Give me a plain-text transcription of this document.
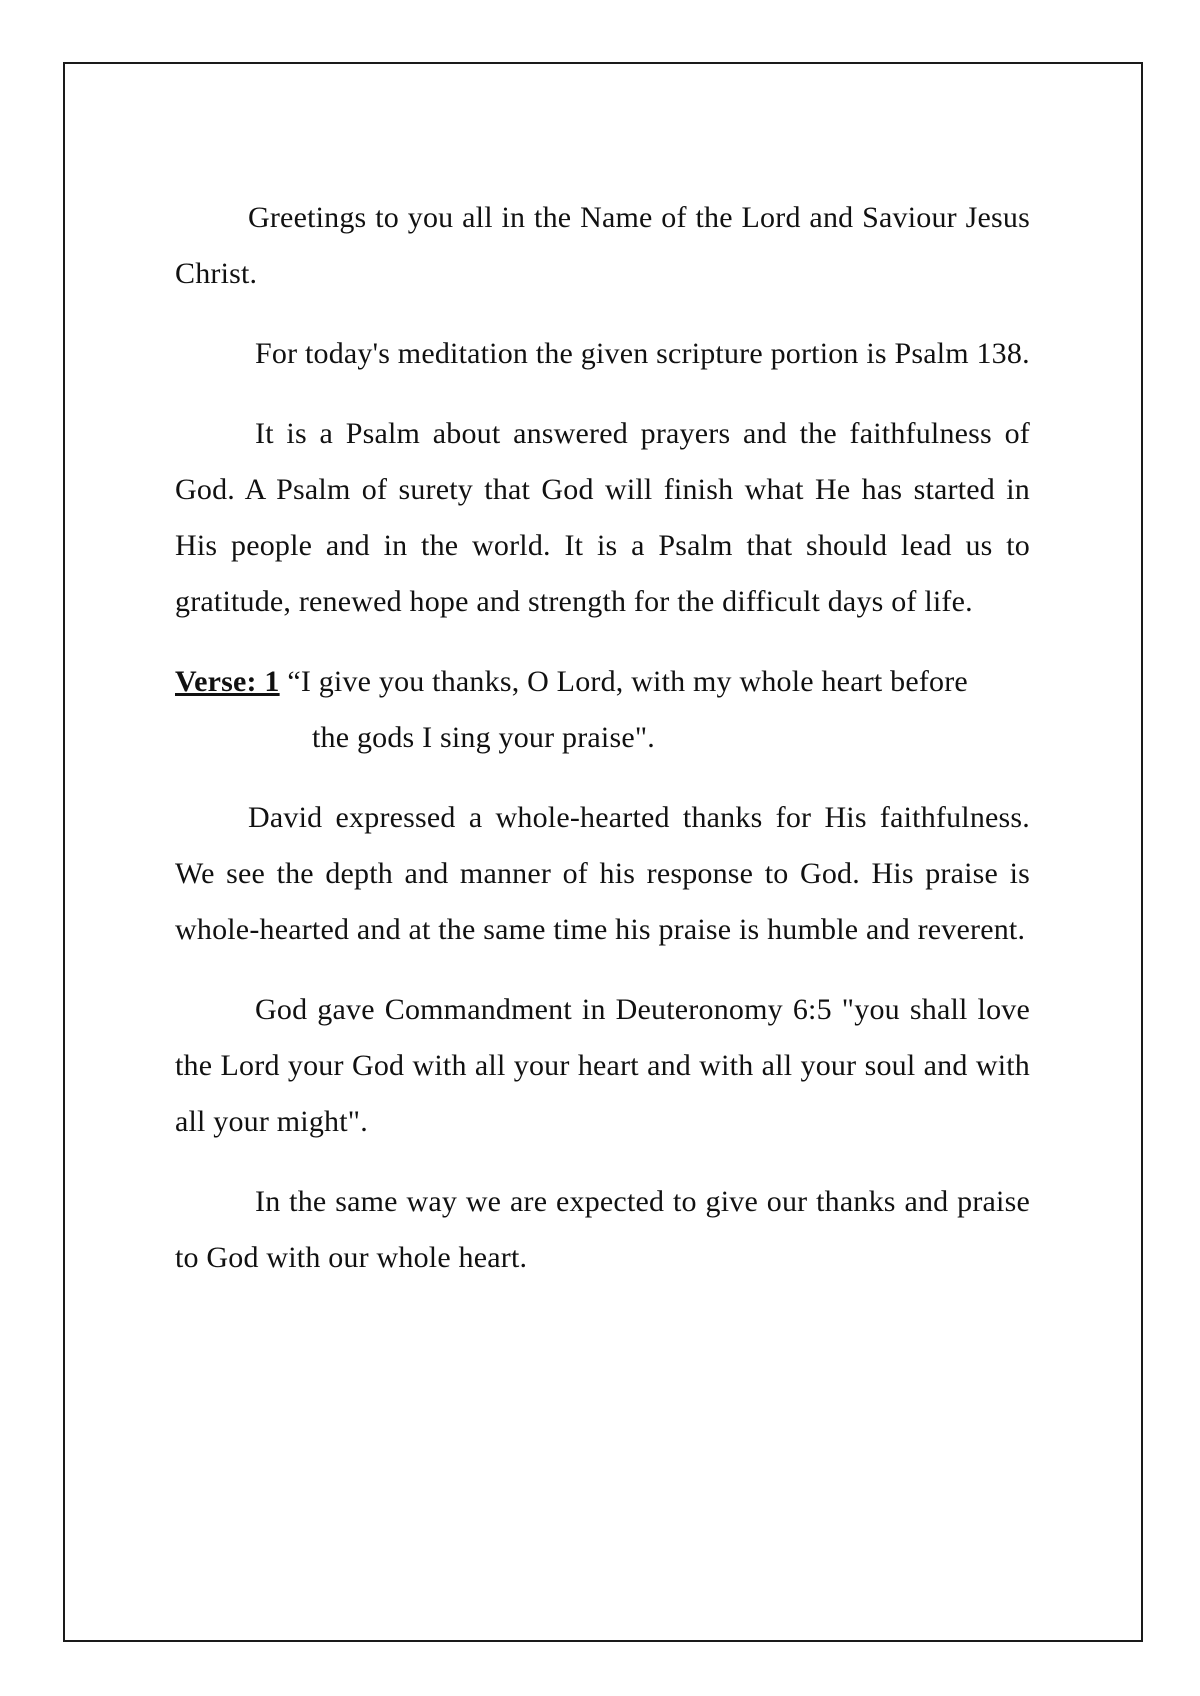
Greetings to you all in the Name of the Lord and Saviour Jesus Christ.

For today's meditation the given scripture portion is Psalm 138.

It is a Psalm about answered prayers and the faithfulness of God. A Psalm of surety that God will finish what He has started in His people and in the world. It is a Psalm that should lead us to gratitude, renewed hope and strength for the difficult days of life.

Verse: 1 “I give you thanks, O Lord, with my whole heart before
the gods I sing your praise".

David expressed a whole-hearted thanks for His faithfulness. We see the depth and manner of his response to God. His praise is whole-hearted and at the same time his praise is humble and reverent.

God gave Commandment in Deuteronomy 6:5 "you shall love the Lord your God with all your heart and with all your soul and with all your might".

In the same way we are expected to give our thanks and praise to God with our whole heart.
